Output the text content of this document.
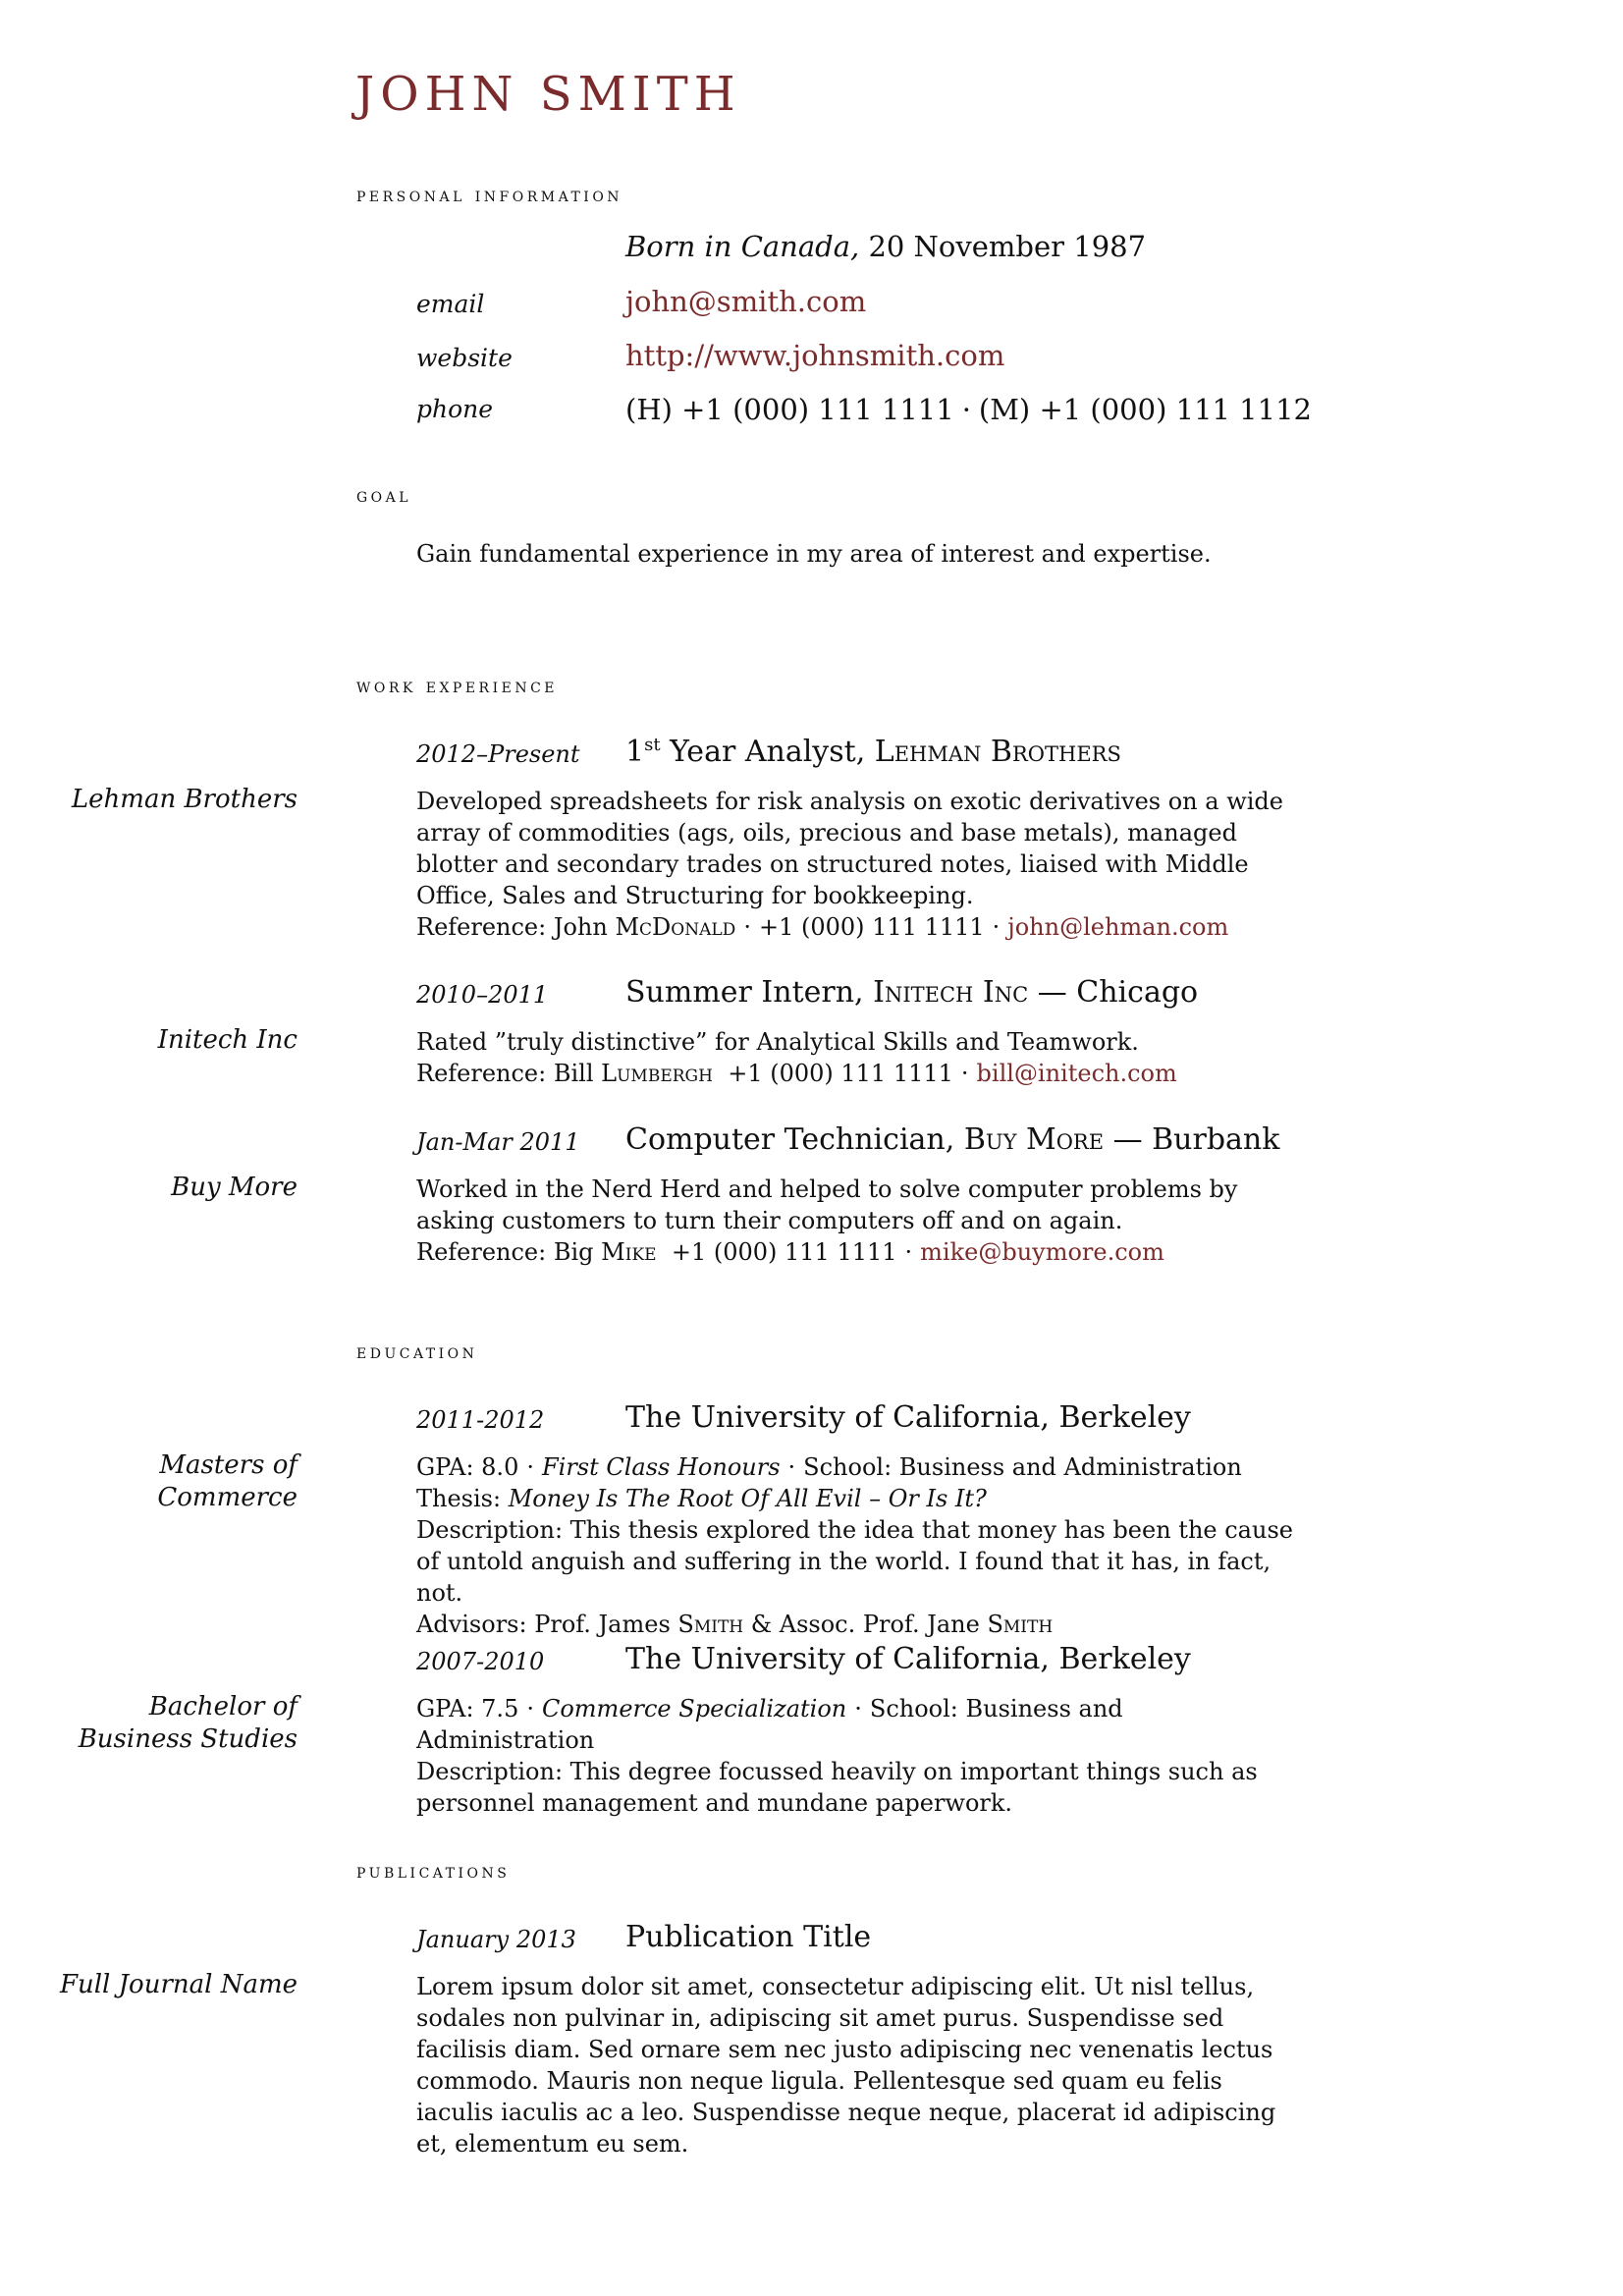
JOHN SMITH
personal information
Born in Canada, 20 November 1987
email	john@smith.com
website	http://www.johnsmith.com
phone	(H) +1 (000) 111 1111 · (M) +1 (000) 111 1112
goal
Gain fundamental experience in my area of interest and expertise.
work experience
2012–Present 1st Year Analyst, Lehman Brothers
Lehman Brothers	Developed spreadsheets for risk analysis on exotic derivatives on a wide array of commodities (ags, oils, precious and base metals), managed blotter and secondary trades on structured notes, liaised with Middle Office, Sales and Structuring for bookkeeping.
Reference: John McDonald · +1 (000) 111 1111 · john@lehman.com
2010–2011	Summer Intern, Initech Inc — Chicago
Initech Inc	Rated ”truly distinctive” for Analytical Skills and Teamwork.
Reference: Bill Lumbergh +1 (000) 111 1111 · bill@initech.com
Jan-Mar 2011 Computer Technician, Buy More — Burbank
Buy More	Worked in the Nerd Herd and helped to solve computer problems by asking customers to turn their computers off and on again.
Reference: Big Mike +1 (000) 111 1111 · mike@buymore.com
education
2011-2012	The University of California, Berkeley
Masters of
Commerce
GPA: 8.0 · First Class Honours · School: Business and Administration
Thesis: Money Is The Root Of All Evil – Or Is It?
Description: This thesis explored the idea that money has been the cause of untold anguish and suffering in the world. I found that it has, in fact, not.
Advisors: Prof. James Smith & Assoc. Prof. Jane Smith
2007-2010	The University of California, Berkeley
Bachelor of
Business Studies
GPA: 7.5 · Commerce Specialization · School: Business and Administration
Description: This degree focussed heavily on important things such as personnel management and mundane paperwork.
publications
January 2013 Publication Title
Full Journal Name	Lorem ipsum dolor sit amet, consectetur adipiscing elit. Ut nisl tellus, sodales non pulvinar in, adipiscing sit amet purus. Suspendisse sed facilisis diam. Sed ornare sem nec justo adipiscing nec venenatis lectus commodo. Mauris non neque ligula. Pellentesque sed quam eu felis iaculis iaculis ac a leo. Suspendisse neque neque, placerat id adipiscing et, elementum eu sem.
